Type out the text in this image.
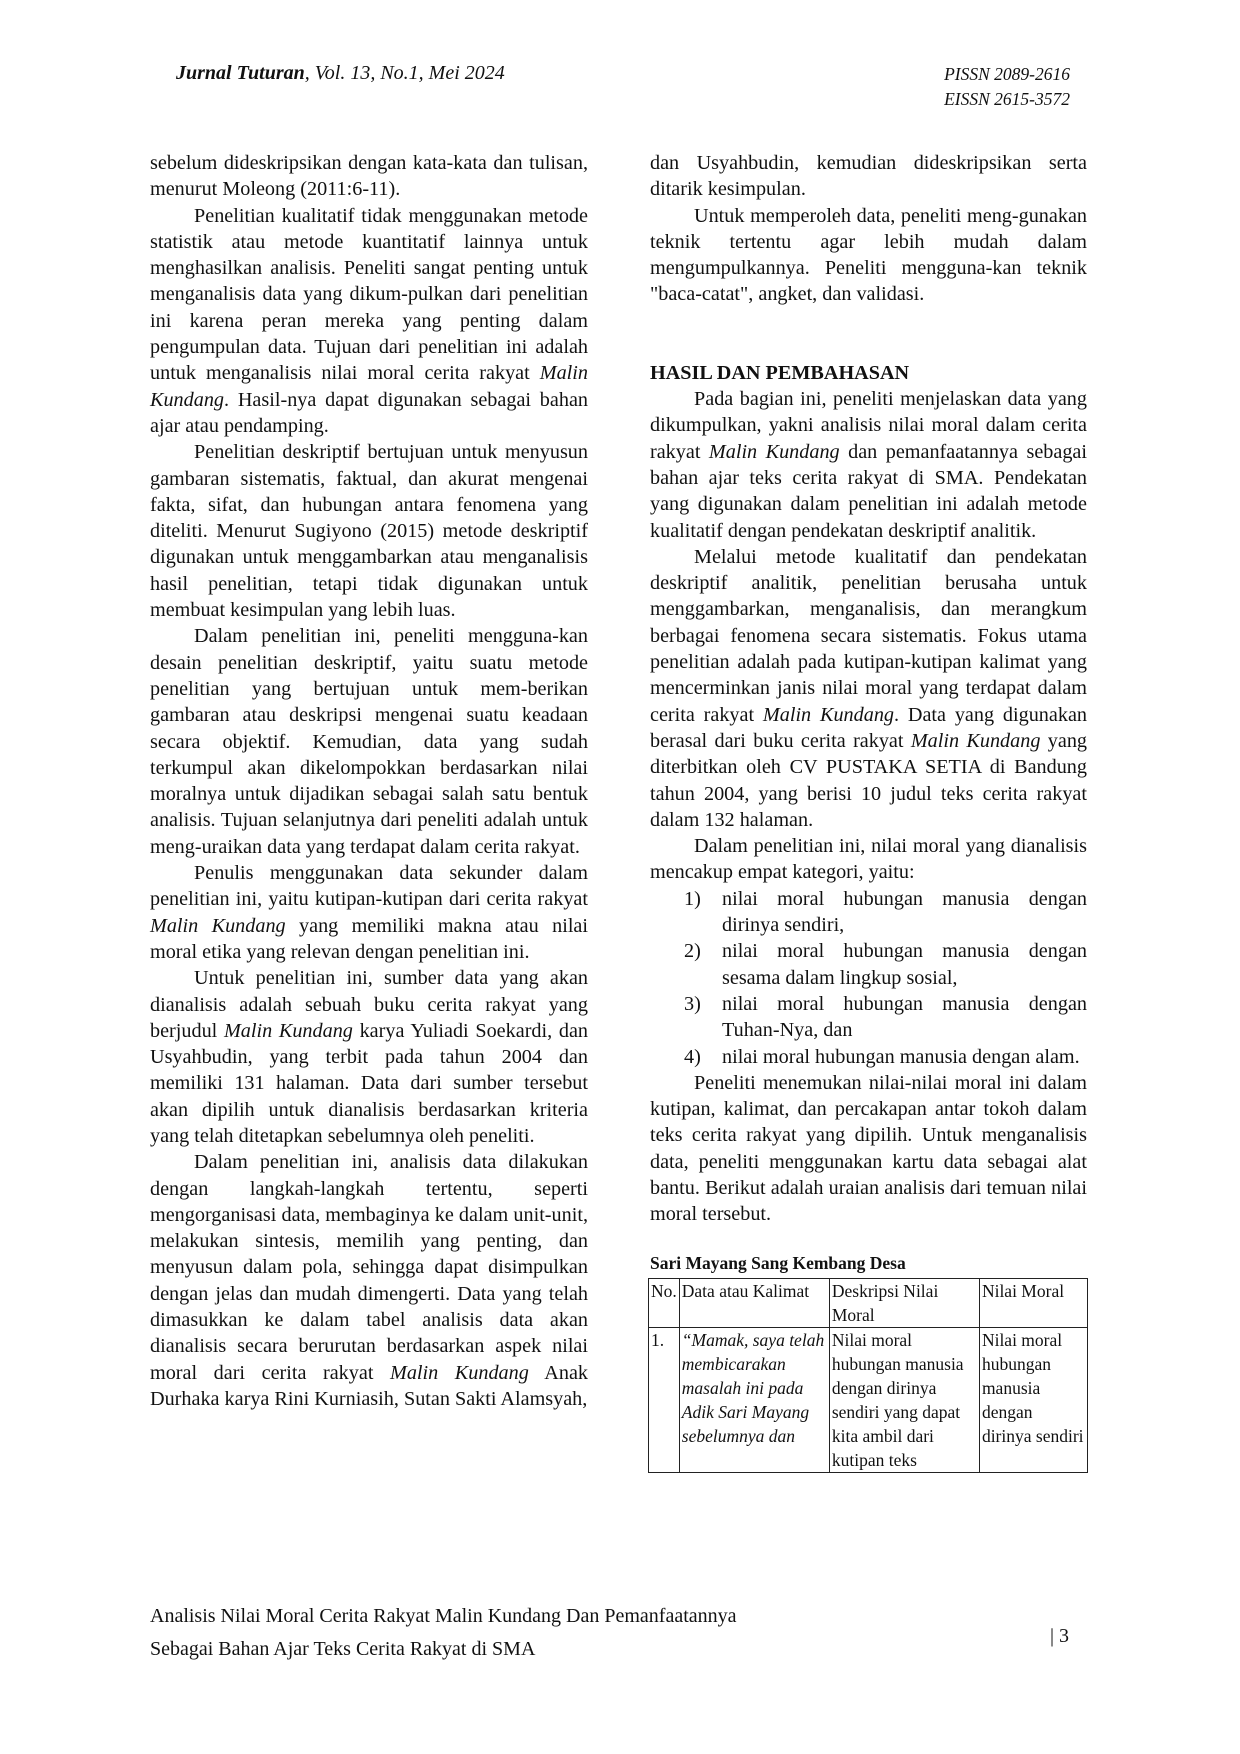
Jurnal Tuturan, Vol. 13, No.1, Mei 2024	PISSN 2089-2616
EISSN 2615-3572

sebelum dideskripsikan dengan kata-kata dan tulisan, menurut Moleong (2011:6-11).

Penelitian kualitatif tidak menggunakan metode statistik atau metode kuantitatif lainnya untuk menghasilkan analisis. Peneliti sangat penting untuk menganalisis data yang dikum-pulkan dari penelitian ini karena peran mereka yang penting dalam pengumpulan data. Tujuan dari penelitian ini adalah untuk menganalisis nilai moral cerita rakyat Malin Kundang. Hasil-nya dapat digunakan sebagai bahan ajar atau pendamping.

Penelitian deskriptif bertujuan untuk menyusun gambaran sistematis, faktual, dan akurat mengenai fakta, sifat, dan hubungan antara fenomena yang diteliti. Menurut Sugiyono (2015) metode deskriptif digunakan untuk menggambarkan atau menganalisis hasil penelitian, tetapi tidak digunakan untuk membuat kesimpulan yang lebih luas.

Dalam penelitian ini, peneliti mengguna-kan desain penelitian deskriptif, yaitu suatu metode penelitian yang bertujuan untuk mem-berikan gambaran atau deskripsi mengenai suatu keadaan secara objektif. Kemudian, data yang sudah terkumpul akan dikelompokkan berdasarkan nilai moralnya untuk dijadikan sebagai salah satu bentuk analisis. Tujuan selanjutnya dari peneliti adalah untuk meng-uraikan data yang terdapat dalam cerita rakyat.

Penulis menggunakan data sekunder dalam penelitian ini, yaitu kutipan-kutipan dari cerita rakyat Malin Kundang yang memiliki makna atau nilai moral etika yang relevan dengan penelitian ini.

Untuk penelitian ini, sumber data yang akan dianalisis adalah sebuah buku cerita rakyat yang berjudul Malin Kundang karya Yuliadi Soekardi, dan Usyahbudin, yang terbit pada tahun 2004 dan memiliki 131 halaman. Data dari sumber tersebut akan dipilih untuk dianalisis berdasarkan kriteria yang telah ditetapkan sebelumnya oleh peneliti.

Dalam penelitian ini, analisis data dilakukan dengan langkah-langkah tertentu, seperti mengorganisasi data, membaginya ke dalam unit-unit, melakukan sintesis, memilih yang penting, dan menyusun dalam pola, sehingga dapat disimpulkan dengan jelas dan mudah dimengerti. Data yang telah dimasukkan ke dalam tabel analisis data akan dianalisis secara berurutan berdasarkan aspek nilai moral dari cerita rakyat Malin Kundang Anak Durhaka karya Rini Kurniasih, Sutan Sakti Alamsyah,

dan Usyahbudin, kemudian dideskripsikan serta ditarik kesimpulan.

Untuk memperoleh data, peneliti meng-gunakan teknik tertentu agar lebih mudah dalam mengumpulkannya. Peneliti mengguna-kan teknik "baca-catat", angket, dan validasi.

HASIL DAN PEMBAHASAN

Pada bagian ini, peneliti menjelaskan data yang dikumpulkan, yakni analisis nilai moral dalam cerita rakyat Malin Kundang dan pemanfaatannya sebagai bahan ajar teks cerita rakyat di SMA. Pendekatan yang digunakan dalam penelitian ini adalah metode kualitatif dengan pendekatan deskriptif analitik.

Melalui metode kualitatif dan pendekatan deskriptif analitik, penelitian berusaha untuk menggambarkan, menganalisis, dan merangkum berbagai fenomena secara sistematis. Fokus utama penelitian adalah pada kutipan-kutipan kalimat yang mencerminkan janis nilai moral yang terdapat dalam cerita rakyat Malin Kundang. Data yang digunakan berasal dari buku cerita rakyat Malin Kundang yang diterbitkan oleh CV PUSTAKA SETIA di Bandung tahun 2004, yang berisi 10 judul teks cerita rakyat dalam 132 halaman.

Dalam penelitian ini, nilai moral yang dianalisis mencakup empat kategori, yaitu:

1) nilai moral hubungan manusia dengan dirinya sendiri,
2) nilai moral hubungan manusia dengan sesama dalam lingkup sosial,
3) nilai moral hubungan manusia dengan Tuhan-Nya, dan
4) nilai moral hubungan manusia dengan alam.

Peneliti menemukan nilai-nilai moral ini dalam kutipan, kalimat, dan percakapan antar tokoh dalam teks cerita rakyat yang dipilih. Untuk menganalisis data, peneliti menggunakan kartu data sebagai alat bantu. Berikut adalah uraian analisis dari temuan nilai moral tersebut.

Sari Mayang Sang Kembang Desa
No.	Data atau Kalimat	Deskripsi Nilai Moral	Nilai Moral
1.	“Mamak, saya telah membicarakan masalah ini pada Adik Sari Mayang sebelumnya dan	Nilai moral hubungan manusia dengan dirinya sendiri yang dapat kita ambil dari kutipan teks	Nilai moral hubungan manusia dengan dirinya sendiri
Analisis Nilai Moral Cerita Rakyat Malin Kundang Dan Pemanfaatannya
Sebagai Bahan Ajar Teks Cerita Rakyat di SMA
| 3
